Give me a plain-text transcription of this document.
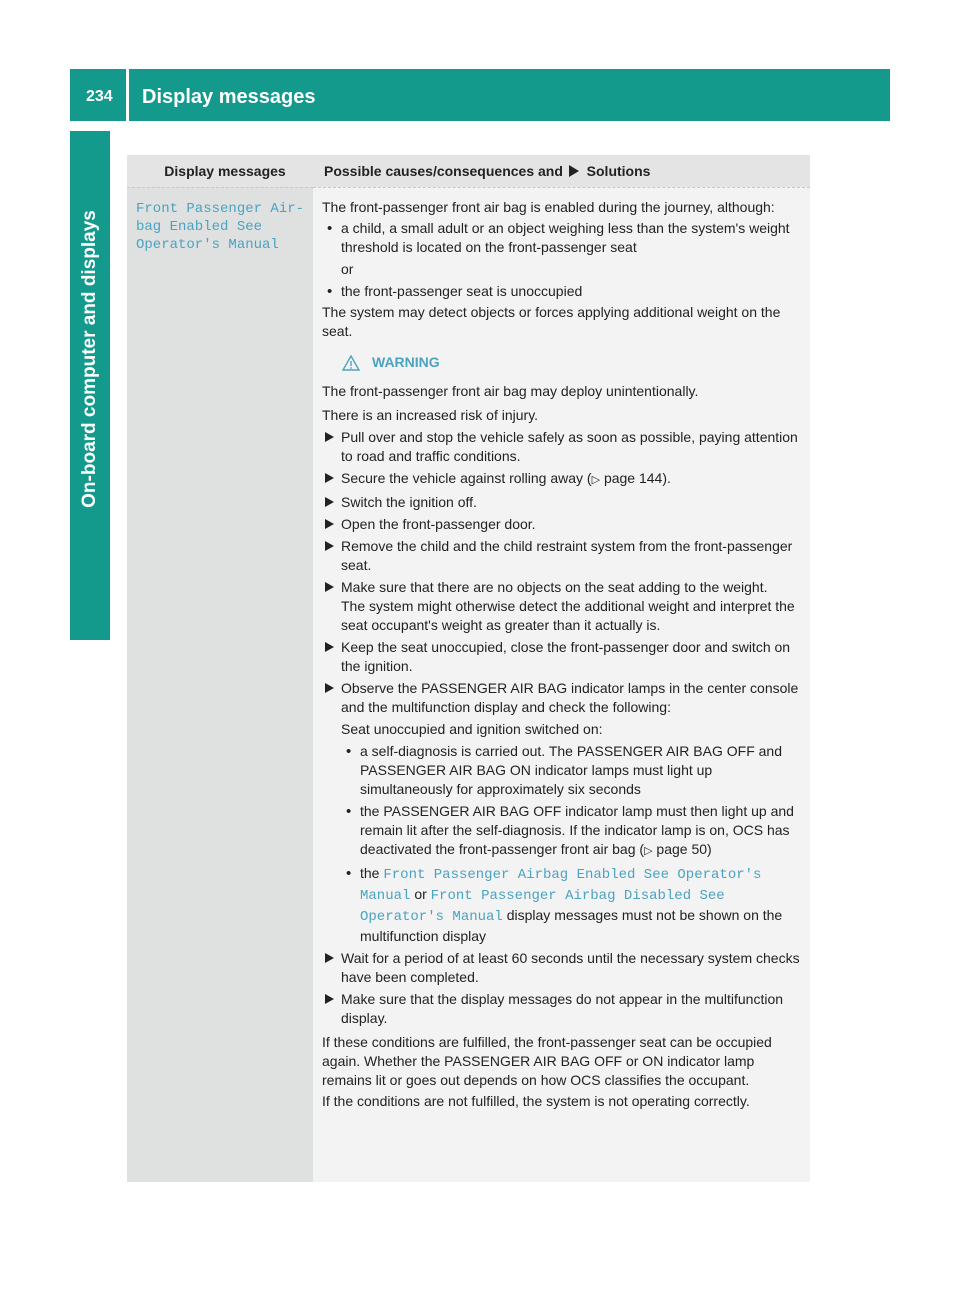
234	Display messages
On-board computer and displays
Display messages	Possible causes/consequences and Solutions
Front Passenger Air‐
bag Enabled See
Operator's Manual

The front-passenger front air bag is enabled during the journey, although:

• a child, a small adult or an object weighing less than the system's weight threshold is located on the front-passenger seat
or
• the front-passenger seat is unoccupied

The system may detect objects or forces applying additional weight on the seat.

WARNING

The front-passenger front air bag may deploy unintentionally.

There is an increased risk of injury.

Pull over and stop the vehicle safely as soon as possible, paying attention to road and traffic conditions.
Secure the vehicle against rolling away (▷ page 144).
Switch the ignition off.
Open the front-passenger door.
Remove the child and the child restraint system from the front-passenger seat.
Make sure that there are no objects on the seat adding to the weight.
The system might otherwise detect the additional weight and interpret the seat occupant's weight as greater than it actually is.
Keep the seat unoccupied, close the front-passenger door and switch on the ignition.
Observe the PASSENGER AIR BAG indicator lamps in the center console and the multifunction display and check the following:
Seat unoccupied and ignition switched on:
• a self-diagnosis is carried out. The PASSENGER AIR BAG OFF and PASSENGER AIR BAG ON indicator lamps must light up simultaneously for approximately six seconds
• the PASSENGER AIR BAG OFF indicator lamp must then light up and remain lit after the self-diagnosis. If the indicator lamp is on, OCS has deactivated the front-passenger front air bag (▷ page 50)
• the Front Passenger Airbag Enabled See Operator's Manual or Front Passenger Airbag Disabled See Operator's Manual display messages must not be shown on the multifunction display
Wait for a period of at least 60 seconds until the necessary system checks have been completed.
Make sure that the display messages do not appear in the multifunction display.

If these conditions are fulfilled, the front-passenger seat can be occupied again. Whether the PASSENGER AIR BAG OFF or ON indicator lamp remains lit or goes out depends on how OCS classifies the occupant.

If the conditions are not fulfilled, the system is not operating correctly.
